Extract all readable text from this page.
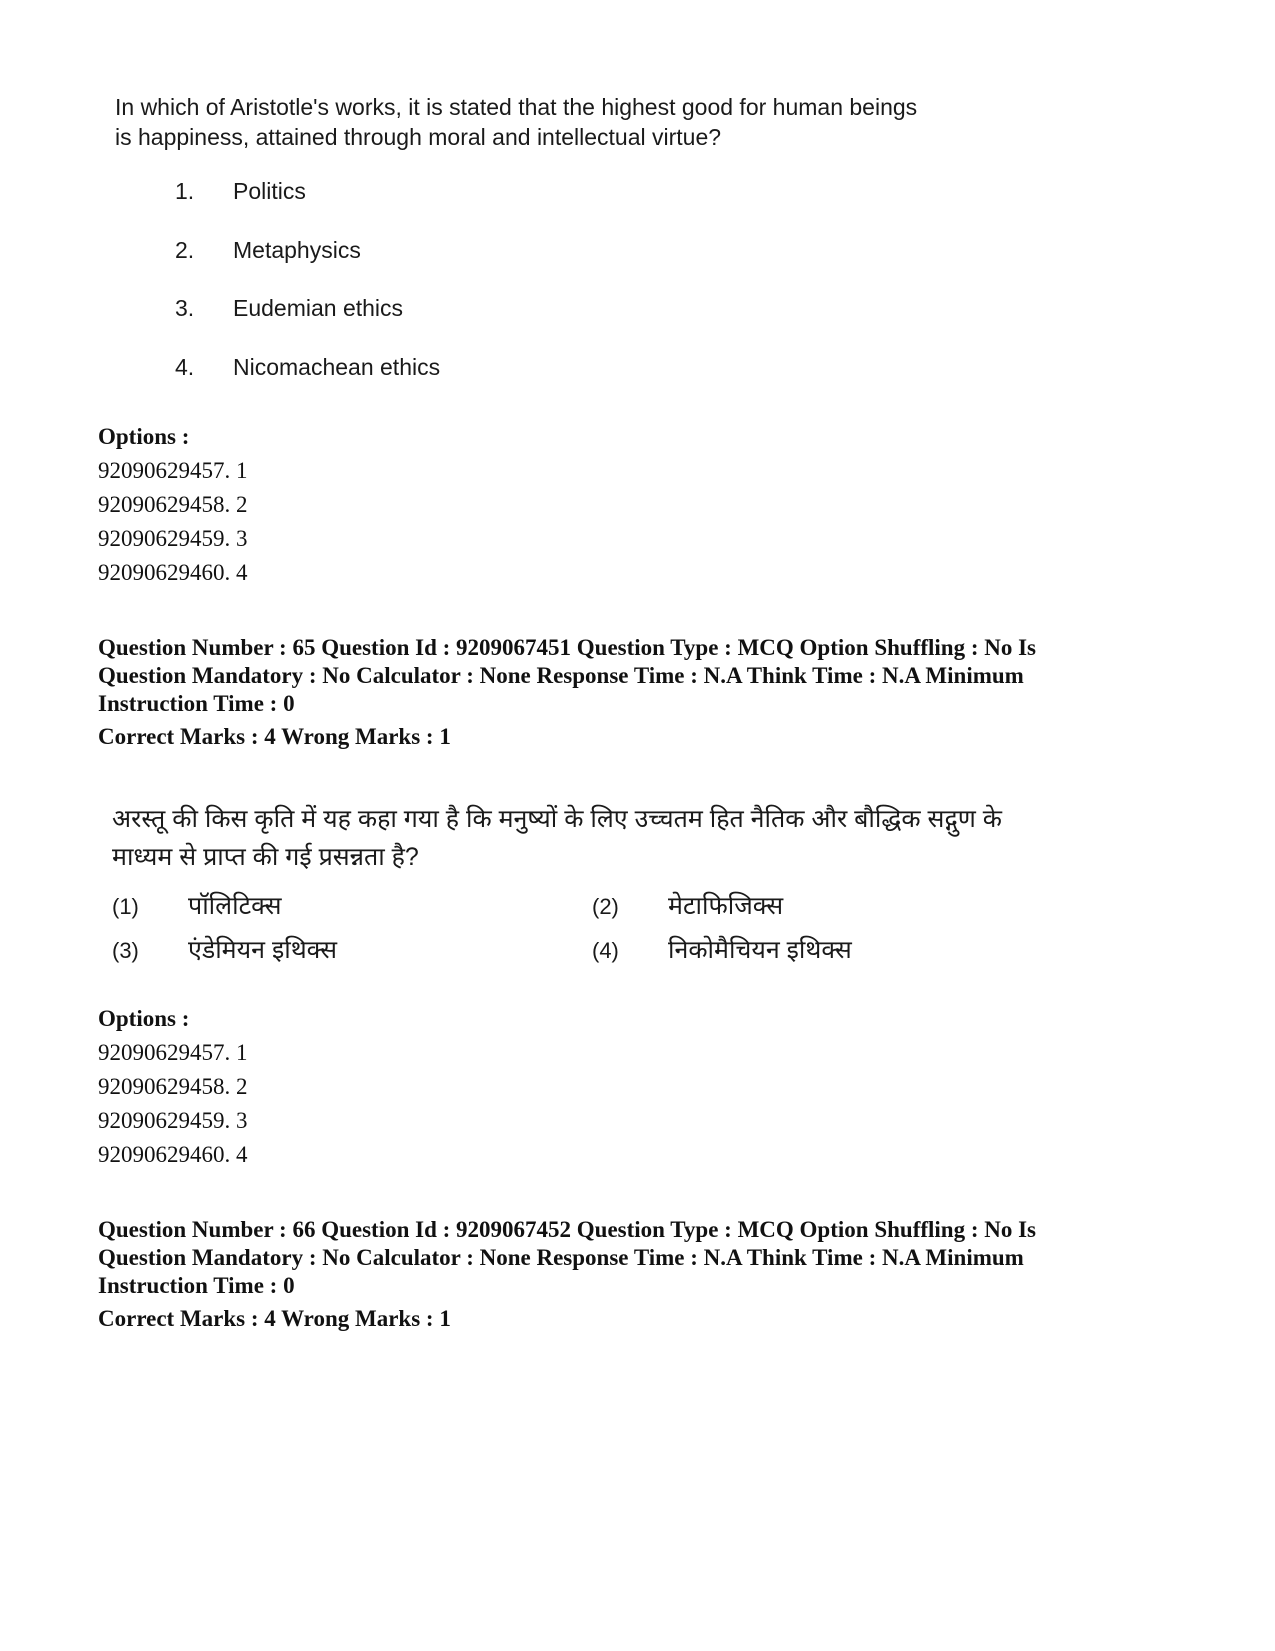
In which of Aristotle's works, it is stated that the highest good for human beings

is happiness, attained through moral and intellectual virtue?

1. Politics
2. Metaphysics
3. Eudemian ethics
4. Nicomachean ethics
Options :
92090629457. 1
92090629458. 2
92090629459. 3
92090629460. 4
Question Number : 65 Question Id : 9209067451 Question Type : MCQ Option Shuffling : No Is
Question Mandatory : No Calculator : None Response Time : N.A Think Time : N.A Minimum
Instruction Time : 0
Correct Marks : 4 Wrong Marks : 1

अरस्तू की किस कृति में यह कहा गया है कि मनुष्यों के लिए उच्चतम हित नैतिक और बौद्धिक सद्गुण के

माध्यम से प्राप्त की गई प्रसन्नता है?

(1) पॉलिटिक्स	(2) मेटाफिजिक्स
(3) एंडेमियन इथिक्स	(4) निकोमैचियन इथिक्स
Options :
92090629457. 1
92090629458. 2
92090629459. 3
92090629460. 4
Question Number : 66 Question Id : 9209067452 Question Type : MCQ Option Shuffling : No Is
Question Mandatory : No Calculator : None Response Time : N.A Think Time : N.A Minimum
Instruction Time : 0
Correct Marks : 4 Wrong Marks : 1
